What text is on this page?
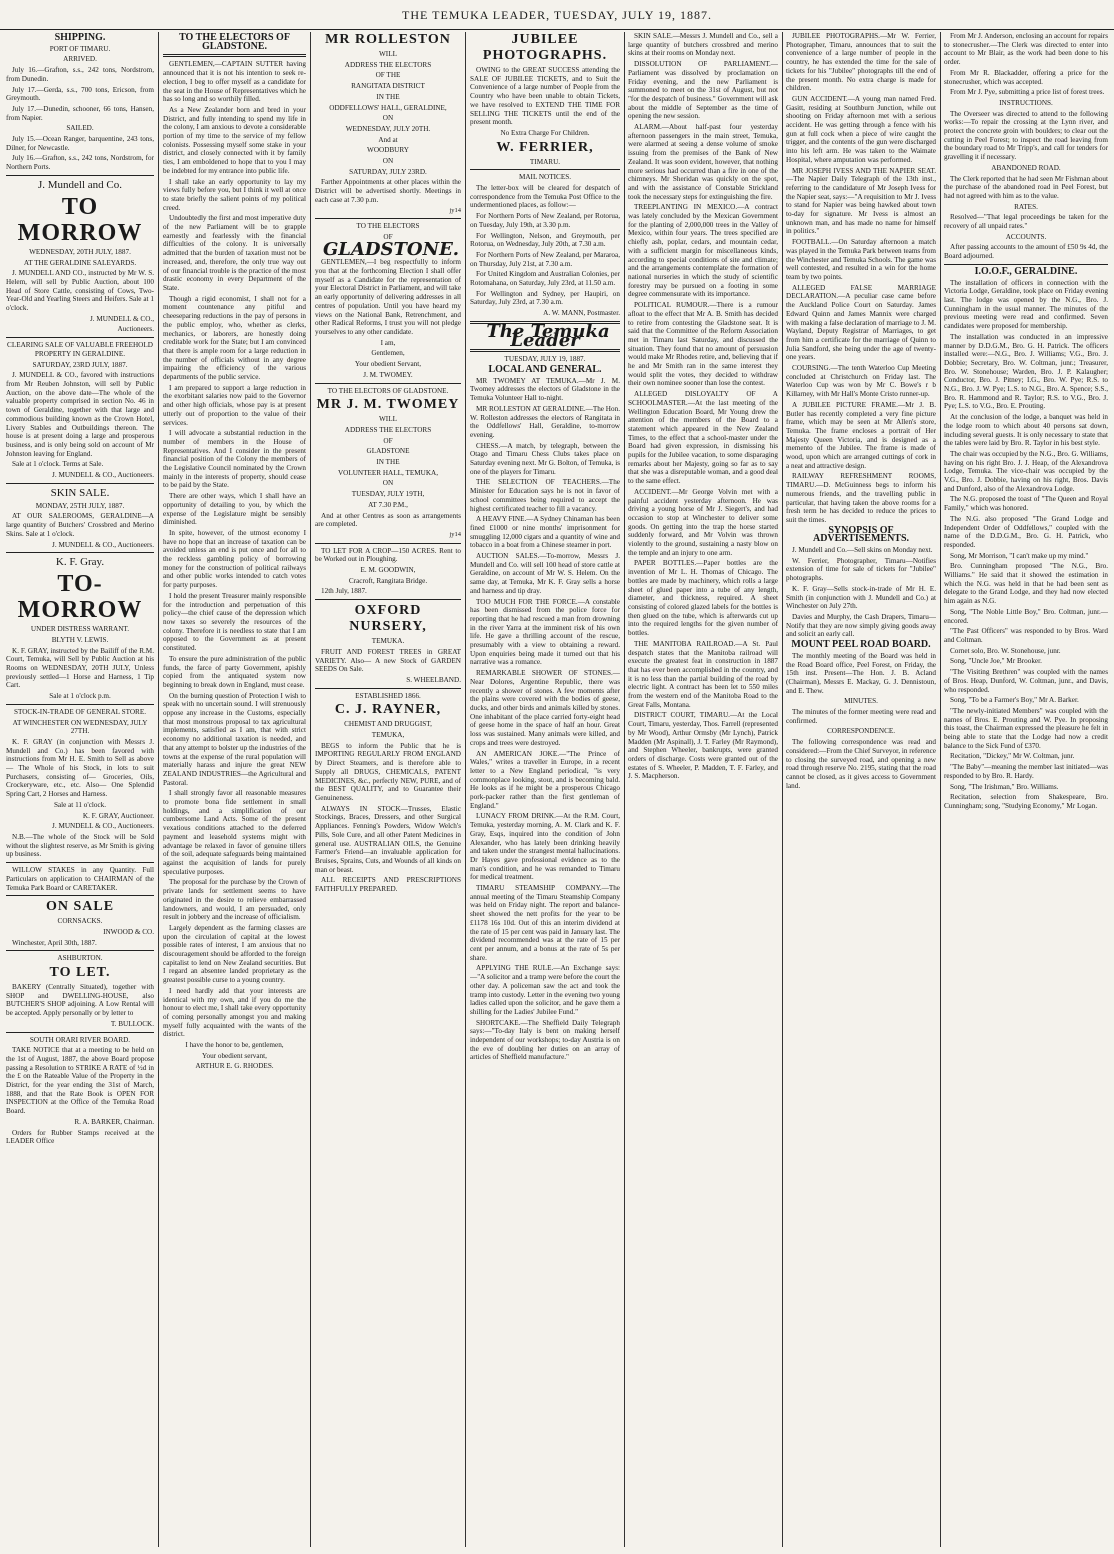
THE TEMUKA LEADER, TUESDAY, JULY 19, 1887.

SHIPPING.

PORT OF TIMARU.

ARRIVED.

July 16.—Grafton, s.s., 242 tons, Nordstrom, from Dunedin.

July 17.—Gerda, s.s., 700 tons, Ericson, from Greymouth.

July 17.—Dunedin, schooner, 66 tons, Hansen, from Napier.

SAILED.

July 15.—Ocean Ranger, barquentine, 243 tons, Dilner, for Newcastle.

July 16.—Grafton, s.s., 242 tons, Nordstrom, for Northern Ports.

J. Mundell and Co.

TO MORROW

WEDNESDAY, 20TH JULY, 1887.

AT THE GERALDINE SALEYARDS.

J. MUNDELL AND CO., instructed by Mr W. S. Helem, will sell by Public Auction, about 100 Head of Store Cattle, consisting of Cows, Two-Year-Old and Yearling Steers and Heifers. Sale at 1 o'clock.

J. MUNDELL & CO.,

Auctioneers.

CLEARING SALE OF VALUABLE FREEHOLD PROPERTY IN GERALDINE.

SATURDAY, 23RD JULY, 1887.

J. MUNDELL & CO., favored with instructions from Mr Reuben Johnston, will sell by Public Auction, on the above date—The whole of the valuable property comprised in section No. 46 in town of Geraldine, together with that large and commodious building known as the Crown Hotel, Livery Stables and Outbuildings thereon. The house is at present doing a large and prosperous business, and is only being sold on account of Mr Johnston leaving for England.

Sale at 1 o'clock. Terms at Sale.

J. MUNDELL & CO., Auctioneers.

SKIN SALE.

MONDAY, 25TH JULY, 1887.

AT OUR SALEROOMS, GERALDINE—A large quantity of Butchers' Crossbred and Merino Skins. Sale at 1 o'clock.

J. MUNDELL & CO., Auctioneers.

K. F. Gray.

TO-MORROW

UNDER DISTRESS WARRANT.

BLYTH V. LEWIS.

K. F. GRAY, instructed by the Bailiff of the R.M. Court, Temuka, will Sell by Public Auction at his Rooms on WEDNESDAY, 20TH JULY, Unless previously settled—1 Horse and Harness, 1 Tip Cart.

Sale at 1 o'clock p.m.

STOCK-IN-TRADE OF GENERAL STORE.

AT WINCHESTER ON WEDNESDAY, JULY 27TH.

K. F. GRAY (in conjunction with Messrs J. Mundell and Co.) has been favored with instructions from Mr H. E. Smith to Sell as above— The Whole of his Stock, in lots to suit Purchasers, consisting of— Groceries, Oils, Crockeryware, etc., etc. Also— One Splendid Spring Cart, 2 Horses and Harness.

Sale at 11 o'clock.

K. F. GRAY, Auctioneer.

J. MUNDELL & CO., Auctioneers.

N.B.—The whole of the Stock will be Sold without the slightest reserve, as Mr Smith is giving up business.

WILLOW STAKES in any Quantity. Full Particulars on application to CHAIRMAN of the Temuka Park Board or CARETAKER.

ON SALE

CORNSACKS.

INWOOD & CO.

Winchester, April 30th, 1887.

ASHBURTON.

TO LET.

BAKERY (Centrally Situated), together with SHOP and DWELLING-HOUSE, also BUTCHER'S SHOP adjoining. A Low Rental will be accepted. Apply personally or by letter to

T. BULLOCK.

SOUTH ORARI RIVER BOARD.

TAKE NOTICE that at a meeting to be held on the 1st of August, 1887, the above Board propose passing a Resolution to STRIKE A RATE of ½d in the £ on the Rateable Value of the Property in the District, for the year ending the 31st of March, 1888, and that the Rate Book is OPEN FOR INSPECTION at the Office of the Temuka Road Board.

R. A. BARKER, Chairman.

Orders for Rubber Stamps received at the LEADER Office

TO THE ELECTORS OF GLADSTONE.

GENTLEMEN,—CAPTAIN SUTTER having announced that it is not his intention to seek re-election, I beg to offer myself as a candidate for the seat in the House of Representatives which he has so long and so worthily filled.

As a New Zealander born and bred in your District, and fully intending to spend my life in the colony, I am anxious to devote a considerable portion of my time to the service of my fellow colonists. Possessing myself some stake in your district, and closely connected with it by family ties, I am emboldened to hope that to you I may be indebted for my entrance into public life.

I shall take an early opportunity to lay my views fully before you, but I think it well at once to state briefly the salient points of my political creed.

Undoubtedly the first and most imperative duty of the new Parliament will be to grapple earnestly and fearlessly with the financial difficulties of the colony. It is universally admitted that the burden of taxation must not be increased, and, therefore, the only true way out of our financial trouble is the practice of the most drastic economy in every Department of the State.

Though a rigid economist, I shall not for a moment countenance any pitiful and cheeseparing reductions in the pay of persons in the public employ, who, whether as clerks, mechanics, or laborers, are honestly doing creditable work for the State; but I am convinced that there is ample room for a large reduction in the number of officials without in any degree impairing the efficiency of the various departments of the public service.

I am prepared to support a large reduction in the exorbitant salaries now paid to the Governor and other high officials, whose pay is at present utterly out of proportion to the value of their services.

I will advocate a substantial reduction in the number of members in the House of Representatives. And I consider in the present financial position of the Colony the members of the Legislative Council nominated by the Crown mainly in the interests of property, should cease to be paid by the State.

There are other ways, which I shall have an opportunity of detailing to you, by which the expense of the Legislature might be sensibly diminished.

In spite, however, of the utmost economy I have no hope that an increase of taxation can be avoided unless an end is put once and for all to the reckless gambling policy of borrowing money for the construction of political railways and other public works intended to catch votes for party purposes.

I hold the present Treasurer mainly responsible for the introduction and perpetuation of this policy—the chief cause of the depression which now taxes so severely the resources of the colony. Therefore it is needless to state that I am opposed to the Government as at present constituted.

To ensure the pure administration of the public funds, the farce of party Government, apishly copied from the antiquated system now beginning to break down in England, must cease.

On the burning question of Protection I wish to speak with no uncertain sound. I will strenuously oppose any increase in the Customs, especially that most monstrous proposal to tax agricultural implements, satisfied as I am, that with strict economy no additional taxation is needed, and that any attempt to bolster up the industries of the towns at the expense of the rural population will materially harass and injure the great NEW ZEALAND INDUSTRIES—the Agricultural and Pastoral.

I shall strongly favor all reasonable measures to promote bona fide settlement in small holdings, and a simplification of our cumbersome Land Acts. Some of the present vexatious conditions attached to the deferred payment and leasehold systems might with advantage be relaxed in favor of genuine tillers of the soil, adequate safeguards being maintained against the acquisition of lands for purely speculative purposes.

The proposal for the purchase by the Crown of private lands for settlement seems to have originated in the desire to relieve embarrassed landowners, and would, I am persuaded, only result in jobbery and the increase of officialism.

Largely dependent as the farming classes are upon the circulation of capital at the lowest possible rates of interest, I am anxious that no discouragement should be afforded to the foreign capitalist to lend on New Zealand securities. But I regard an absentee landed proprietary as the greatest possible curse to a young country.

I need hardly add that your interests are identical with my own, and if you do me the honour to elect me, I shall take every opportunity of coming personally amongst you and making myself fully acquainted with the wants of the district.

I have the honor to be, gentlemen,

Your obedient servant,

ARTHUR E. G. RHODES.

MR ROLLESTON

WILL

ADDRESS THE ELECTORS

OF THE

RANGITATA DISTRICT

IN THE

ODDFELLOWS' HALL, GERALDINE,

ON

WEDNESDAY, JULY 20TH.

And at

WOODBURY

ON

SATURDAY, JULY 23RD.

Farther Appointments at other places within the District will be advertised shortly. Meetings in each case at 7.30 p.m.

jy14

TO THE ELECTORS

OF

GLADSTONE.

GENTLEMEN,—I beg respectfully to inform you that at the forthcoming Election I shall offer myself as a Candidate for the representation of your Electoral District in Parliament, and will take an early opportunity of delivering addresses in all centres of population. Until you have heard my views on the National Bank, Retrenchment, and other Radical Reforms, I trust you will not pledge yourselves to any other candidate.

I am,

Gentlemen,

Your obedient Servant,

J. M. TWOMEY.

TO THE ELECTORS OF GLADSTONE.

MR J. M. TWOMEY

WILL

ADDRESS THE ELECTORS

OF

GLADSTONE

IN THE

VOLUNTEER HALL, TEMUKA,

ON

TUESDAY, JULY 19TH,

AT 7.30 P.M.,

And at other Centres as soon as arrangements are completed.

jy14

TO LET FOR A CROP—150 ACRES. Rent to be Worked out in Ploughing.

E. M. GOODWIN,

Cracroft, Rangitata Bridge.

12th July, 1887.

OXFORD NURSERY,

TEMUKA.

FRUIT AND FOREST TREES in GREAT VARIETY. Also— A new Stock of GARDEN SEEDS On Sale.

S. WHEELBAND.

ESTABLISHED 1866.

C. J. RAYNER,

CHEMIST AND DRUGGIST,

TEMUKA,

BEGS to inform the Public that he is IMPORTING REGULARLY FROM ENGLAND by Direct Steamers, and is therefore able to Supply all DRUGS, CHEMICALS, PATENT MEDICINES, &c., perfectly NEW, PURE, and of the BEST QUALITY, and to Guarantee their Genuineness.

ALWAYS IN STOCK—Trusses, Elastic Stockings, Braces, Dressers, and other Surgical Appliances. Fenning's Powders, Widow Welch's Pills, Sole Cure, and all other Patent Medicines in general use. AUSTRALIAN OILS, the Genuine Farmer's Friend—an invaluable application for Bruises, Sprains, Cuts, and Wounds of all kinds on man or beast.

ALL RECEIPTS AND PRESCRIPTIONS FAITHFULLY PREPARED.

JUBILEE PHOTOGRAPHS.

OWING to the GREAT SUCCESS attending the SALE OF JUBILEE TICKETS, and to Suit the Convenience of a large number of People from the Country who have been unable to obtain Tickets, we have resolved to EXTEND THE TIME FOR SELLING THE TICKETS until the end of the present month.

No Extra Charge For Children.

W. FERRIER,

TIMARU.

MAIL NOTICES.

The letter-box will be cleared for despatch of correspondence from the Temuka Post Office to the undermentioned places, as follow:—

For Northern Ports of New Zealand, per Rotorua, on Tuesday, July 19th, at 3.30 p.m.

For Wellington, Nelson, and Greymouth, per Rotorua, on Wednesday, July 20th, at 7.30 a.m.

For Northern Ports of New Zealand, per Mararoa, on Thursday, July 21st, at 7.30 a.m.

For United Kingdom and Australian Colonies, per Rotomahana, on Saturday, July 23rd, at 11.50 a.m.

For Wellington and Sydney, per Haupiri, on Saturday, July 23rd, at 7.30 a.m.

A. W. MANN, Postmaster.

The Temuka Leader

TUESDAY, JULY 19, 1887.

LOCAL AND GENERAL.

MR TWOMEY AT TEMUKA.—Mr J. M. Twomey addresses the electors of Gladstone in the Temuka Volunteer Hall to-night.

MR ROLLESTON AT GERALDINE.—The Hon. W. Rolleston addresses the electors of Rangitata in the Oddfellows' Hall, Geraldine, to-morrow evening.

CHESS.—A match, by telegraph, between the Otago and Timaru Chess Clubs takes place on Saturday evening next. Mr G. Bolton, of Temuka, is one of the players for Timaru.

THE SELECTION OF TEACHERS.—The Minister for Education says he is not in favor of school committees being required to accept the highest certificated teacher to fill a vacancy.

A HEAVY FINE.—A Sydney Chinaman has been fined £1000 or nine months' imprisonment for smuggling 12,000 cigars and a quantity of wine and tobacco in a boat from a Chinese steamer in port.

AUCTION SALES.—To-morrow, Messrs J. Mundell and Co. will sell 100 head of store cattle at Geraldine, on account of Mr W. S. Helem. On the same day, at Temuka, Mr K. F. Gray sells a horse and harness and tip dray.

TOO MUCH FOR THE FORCE.—A constable has been dismissed from the police force for reporting that he had rescued a man from drowning in the river Yarra at the imminent risk of his own life. He gave a thrilling account of the rescue, presumably with a view to obtaining a reward. Upon enquiries being made it turned out that his narrative was a romance.

REMARKABLE SHOWER OF STONES.—Near Dolores, Argentine Republic, there was recently a shower of stones. A few moments after the plains were covered with the bodies of geese, ducks, and other birds and animals killed by stones. One inhabitant of the place carried forty-eight head of geese home in the space of half an hour. Great loss was sustained. Many animals were killed, and crops and trees were destroyed.

AN AMERICAN JOKE.—"The Prince of Wales," writes a traveller in Europe, in a recent letter to a New England periodical, "is very commonplace looking, stout, and is becoming bald. He looks as if he might be a prosperous Chicago pork-packer rather than the first gentleman of England."

LUNACY FROM DRINK.—At the R.M. Court, Temuka, yesterday morning, A. M. Clark and K. F. Gray, Esqs, inquired into the condition of John Alexander, who has lately been drinking heavily and taken under the strangest mental hallucinations. Dr Hayes gave professional evidence as to the man's condition, and he was remanded to Timaru for medical treatment.

TIMARU STEAMSHIP COMPANY.—The annual meeting of the Timaru Steamship Company was held on Friday night. The report and balance-sheet showed the nett profits for the year to be £1178 16s 10d. Out of this an interim dividend at the rate of 15 per cent was paid in January last. The dividend recommended was at the rate of 15 per cent per annum, and a bonus at the rate of 5s per share.

APPLYING THE RULE.—An Exchange says:—"A solicitor and a tramp were before the court the other day. A policeman saw the act and took the tramp into custody. Letter in the evening two young ladies called upon the solicitor, and he gave them a shilling for the Ladies' Jubilee Fund."

SHORTCAKE.—The Sheffield Daily Telegraph says:—"To-day Italy is bent on making herself independent of our workshops; to-day Austria is on the eve of doubling her duties on an array of articles of Sheffield manufacture."

SKIN SALE.—Messrs J. Mundell and Co., sell a large quantity of butchers crossbred and merino skins at their rooms on Monday next.

DISSOLUTION OF PARLIAMENT.—Parliament was dissolved by proclamation on Friday evening, and the new Parliament is summoned to meet on the 31st of August, but not "for the despatch of business." Government will ask about the middle of September as the time of opening the new session.

ALARM.—About half-past four yesterday afternoon passengers in the main street, Temuka, were alarmed at seeing a dense volume of smoke issuing from the premises of the Bank of New Zealand. It was soon evident, however, that nothing more serious had occurred than a fire in one of the chimneys. Mr Sheridan was quickly on the spot, and with the assistance of Constable Strickland took the necessary steps for extinguishing the fire.

TREEPLANTING IN MEXICO.—A contract was lately concluded by the Mexican Government for the planting of 2,000,000 trees in the Valley of Mexico, within four years. The trees specified are chiefly ash, poplar, cedars, and mountain cedar, with a sufficient margin for miscellaneous kinds, according to special conditions of site and climate; and the arrangements contemplate the formation of national nurseries in which the study of scientific forestry may be pursued on a footing in some degree commensurate with its importance.

POLITICAL RUMOUR.—There is a rumour afloat to the effect that Mr A. B. Smith has decided to retire from contesting the Gladstone seat. It is said that the Committee of the Reform Association met in Timaru last Saturday, and discussed the situation. They found that no amount of persuasion would make Mr Rhodes retire, and, believing that if he and Mr Smith ran in the same interest they would split the votes, they decided to withdraw their own nominee sooner than lose the contest.

ALLEGED DISLOYALTY OF A SCHOOLMASTER.—At the last meeting of the Wellington Education Board, Mr Young drew the attention of the members of the Board to a statement which appeared in the New Zealand Times, to the effect that a school-master under the Board had given expression, in dismissing his pupils for the Jubilee vacation, to some disparaging remarks about her Majesty, going so far as to say that she was a disreputable woman, and a good deal to the same effect.

ACCIDENT.—Mr George Volvin met with a painful accident yesterday afternoon. He was driving a young horse of Mr J. Siegert's, and had occasion to stop at Winchester to deliver some goods. On getting into the trap the horse started suddenly forward, and Mr Volvin was thrown violently to the ground, sustaining a nasty blow on the temple and an injury to one arm.

PAPER BOTTLES.—Paper bottles are the invention of Mr L. H. Thomas of Chicago. The bottles are made by machinery, which rolls a large sheet of glued paper into a tube of any length, diameter, and thickness, required. A sheet consisting of colored glazed labels for the bottles is then glued on the tube, which is afterwards cut up into the required lengths for the given number of bottles.

THE MANITOBA RAILROAD.—A St. Paul despatch states that the Manitoba railroad will execute the greatest feat in construction in 1887 that has ever been accomplished in the country, and it is no less than the partial building of the road by electric light. A contract has been let to 550 miles from the western end of the Manitoba Road to the Great Falls, Montana.

DISTRICT COURT, TIMARU.—At the Local Court, Timaru, yesterday, Thos. Farrell (represented by Mr Wood), Arthur Ormsby (Mr Lynch), Patrick Madden (Mr Aspinall), J. T. Farley (Mr Raymond), and Stephen Wheeler, bankrupts, were granted orders of discharge. Costs were granted out of the estates of S. Wheeler, P. Madden, T. F. Farley, and J. S. Macpherson.

JUBILEE PHOTOGRAPHS.—Mr W. Ferrier, Photographer, Timaru, announces that to suit the convenience of a large number of people in the country, he has extended the time for the sale of tickets for his "Jubilee" photographs till the end of the present month. No extra charge is made for children.

GUN ACCIDENT.—A young man named Fred. Gasitt, residing at Southburn Junction, while out shooting on Friday afternoon met with a serious accident. He was getting through a fence with his gun at full cock when a piece of wire caught the trigger, and the contents of the gun were discharged into his left arm. He was taken to the Waimate Hospital, where amputation was performed.

MR JOSEPH IVESS AND THE NAPIER SEAT.—The Napier Daily Telegraph of the 13th inst., referring to the candidature of Mr Joseph Ivess for the Napier seat, says:—"A requisition to Mr J. Ivess to stand for Napier was being hawked about town to-day for signature. Mr Ivess is almost an unknown man, and has made no name for himself in politics."

FOOTBALL.—On Saturday afternoon a match was played in the Temuka Park between teams from the Winchester and Temuka Schools. The game was well contested, and resulted in a win for the home team by two points.

ALLEGED FALSE MARRIAGE DECLARATION.—A peculiar case came before the Auckland Police Court on Saturday. James Edward Quinn and James Mannix were charged with making a false declaration of marriage to J. M. Wayland, Deputy Registrar of Marriages, to get from him a certificate for the marriage of Quinn to Julia Sandford, she being under the age of twenty-one years.

COURSING.—The tenth Waterloo Cup Meeting concluded at Christchurch on Friday last. The Waterloo Cup was won by Mr C. Bowe's r b Killarney, with Mr Hall's Monte Cristo runner-up.

A JUBILEE PICTURE FRAME.—Mr J. B. Butler has recently completed a very fine picture frame, which may be seen at Mr Allen's store, Temuka. The frame encloses a portrait of Her Majesty Queen Victoria, and is designed as a memento of the Jubilee. The frame is made of wood, upon which are arranged cuttings of cork in a neat and attractive design.

RAILWAY REFRESHMENT ROOMS, TIMARU.—D. McGuinness begs to inform his numerous friends, and the travelling public in particular, that having taken the above rooms for a fresh term he has decided to reduce the prices to suit the times.

SYNOPSIS OF ADVERTISEMENTS.

J. Mundell and Co.—Sell skins on Monday next.

W. Ferrier, Photographer, Timaru—Notifies extension of time for sale of tickets for "Jubilee" photographs.

K. F. Gray—Sells stock-in-trade of Mr H. E. Smith (in conjunction with J. Mundell and Co.) at Winchester on July 27th.

Davies and Murphy, the Cash Drapers, Timaru—Notify that they are now simply giving goods away and solicit an early call.

MOUNT PEEL ROAD BOARD.

The monthly meeting of the Board was held in the Road Board office, Peel Forest, on Friday, the 15th inst. Present—The Hon. J. B. Acland (Chairman), Messrs E. Mackay, G. J. Dennistoun, and E. Thew.

MINUTES.

The minutes of the former meeting were read and confirmed.

CORRESPONDENCE.

The following correspondence was read and considered:—From the Chief Surveyor, in reference to closing the surveyed road, and opening a new road through reserve No. 2195, stating that the road cannot be closed, as it gives access to Government land.

From Mr J. Anderson, enclosing an account for repairs to stonecrusher.—The Clerk was directed to enter into account to Mr Blair, as the work had been done to his order.

From Mr R. Blackadder, offering a price for the stonecrusher, which was accepted.

From Mr J. Pye, submitting a price list of forest trees.

INSTRUCTIONS.

The Overseer was directed to attend to the following works:—To repair the crossing at the Lynn river, and protect the concrete groin with boulders; to clear out the cutting in Peel Forest; to inspect the road leaving from the boundary road to Mr Tripp's, and call for tenders for gravelling it if necessary.

ABANDONED ROAD.

The Clerk reported that he had seen Mr Fishman about the purchase of the abandoned road in Peel Forest, but had not agreed with him as to the value.

RATES.

Resolved—"That legal proceedings be taken for the recovery of all unpaid rates."

ACCOUNTS.

After passing accounts to the amount of £50 9s 4d, the Board adjourned.

I.O.O.F., GERALDINE.

The installation of officers in connection with the Victoria Lodge, Geraldine, took place on Friday evening last. The lodge was opened by the N.G., Bro. J. Cunningham in the usual manner. The minutes of the previous meeting were read and confirmed. Seven candidates were proposed for membership.

The installation was conducted in an impressive manner by D.D.G.M., Bro. G. H. Patrick. The officers installed were:—N.G., Bro. J. Williams; V.G., Bro. J. Dobbie; Secretary, Bro. W. Coltman, junr.; Treasurer, Bro. W. Stonehouse; Warden, Bro. J. P. Kalaugher; Conductor, Bro. J. Pitney; I.G., Bro. W. Pye; R.S. to N.G., Bro. J. W. Pye; L.S. to N.G., Bro. A. Spence; S.S., Bro. R. Hammond and R. Taylor; R.S. to V.G., Bro. J. Pye; L.S. to V.G., Bro. E. Prouting.

At the conclusion of the lodge, a banquet was held in the lodge room to which about 40 persons sat down, including several guests. It is only necessary to state that the tables were laid by Bro. R. Taylor in his best style.

The chair was occupied by the N.G., Bro. G. Williams, having on his right Bro. J. J. Heap, of the Alexandrova Lodge, Temuka. The vice-chair was occupied by the V.G., Bro. J. Dobbie, having on his right, Bros. Davis and Dunford, also of the Alexandrova Lodge.

The N.G. proposed the toast of "The Queen and Royal Family," which was honored.

The N.G. also proposed "The Grand Lodge and Independent Order of Oddfellows," coupled with the name of the D.D.G.M., Bro. G. H. Patrick, who responded.

Song, Mr Morrison, "I can't make up my mind."

Bro. Cunningham proposed "The N.G., Bro. Williams." He said that it showed the estimation in which the N.G. was held in that he had been sent as delegate to the Grand Lodge, and they had now elected him again as N.G.

Song, "The Noble Little Boy," Bro. Coltman, junr.—encored.

"The Past Officers" was responded to by Bros. Ward and Coltman.

Cornet solo, Bro. W. Stonehouse, junr.

Song, "Uncle Joe," Mr Brooker.

"The Visiting Brethren" was coupled with the names of Bros. Heap, Dunford, W. Coltman, junr., and Davis, who responded.

Song, "To be a Farmer's Boy," Mr A. Barker.

"The newly-initiated Members" was coupled with the names of Bros. E. Prouting and W. Pye. In proposing this toast, the Chairman expressed the pleasure he felt in being able to state that the Lodge had now a credit balance to the Sick Fund of £370.

Recitation, "Dickey," Mr W. Coltman, junr.

"The Baby"—meaning the member last initiated—was responded to by Bro. R. Hardy.

Song, "The Irishman," Bro. Williams.

Recitation, selection from Shakespeare, Bro. Cunningham; song, "Studying Economy," Mr Logan.
